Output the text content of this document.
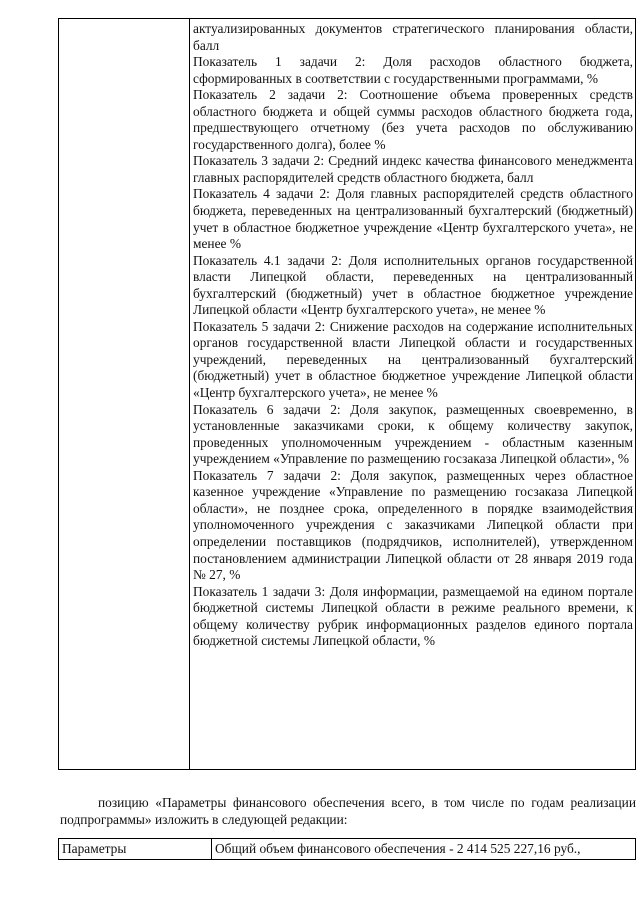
актуализированных документов стратегического планирования области, балл

Показатель 1 задачи 2: Доля расходов областного бюджета, сформированных в соответствии с государственными программами, %

Показатель 2 задачи 2: Соотношение объема проверенных средств областного бюджета и общей суммы расходов областного бюджета года, предшествующего отчетному (без учета расходов по обслуживанию государственного долга), более %

Показатель 3 задачи 2: Средний индекс качества финансового менеджмента главных распорядителей средств областного бюджета, балл

Показатель 4 задачи 2: Доля главных распорядителей средств областного бюджета, переведенных на централизованный бухгалтерский (бюджетный) учет в областное бюджетное учреждение «Центр бухгалтерского учета», не менее %

Показатель 4.1 задачи 2: Доля исполнительных органов государственной власти Липецкой области, переведенных на централизованный бухгалтерский (бюджетный) учет в областное бюджетное учреждение Липецкой области «Центр бухгалтерского учета», не менее %

Показатель 5 задачи 2: Снижение расходов на содержание исполнительных органов государственной власти Липецкой области и государственных учреждений, переведенных на централизованный бухгалтерский (бюджетный) учет в областное бюджетное учреждение Липецкой области «Центр бухгалтерского учета», не менее %

Показатель 6 задачи 2: Доля закупок, размещенных своевременно, в установленные заказчиками сроки, к общему количеству закупок, проведенных уполномоченным учреждением - областным казенным учреждением «Управление по размещению госзаказа Липецкой области», %

Показатель 7 задачи 2: Доля закупок, размещенных через областное казенное учреждение «Управление по размещению госзаказа Липецкой области», не позднее срока, определенного в порядке взаимодействия уполномоченного учреждения с заказчиками Липецкой области при определении поставщиков (подрядчиков, исполнителей), утвержденном постановлением администрации Липецкой области от 28 января 2019 года № 27, %

Показатель 1 задачи 3: Доля информации, размещаемой на едином портале бюджетной системы Липецкой области в режиме реального времени, к общему количеству рубрик информационных разделов единого портала бюджетной системы Липецкой области, %

позицию «Параметры финансового обеспечения всего, в том числе по годам реализации подпрограммы» изложить в следующей редакции:

Параметры	Общий объем финансового обеспечения - 2 414 525 227,16 руб.,
